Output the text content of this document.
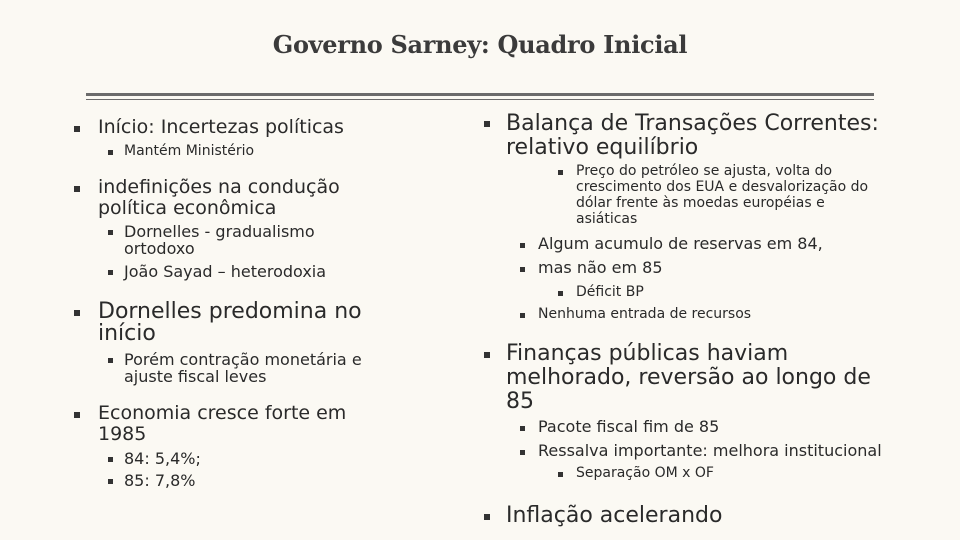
Governo Sarney: Quadro Inicial
Início: Incertezas políticas
Mantém Ministério
indefinições na condução
política econômica
Dornelles - gradualismo
ortodoxo
João Sayad – heterodoxia
Dornelles predomina no
início
Porém contração monetária e
ajuste fiscal leves
Economia cresce forte em
1985
84: 5,4%;
85: 7,8%
Balança de Transações Correntes:
relativo equilíbrio
Preço do petróleo se ajusta, volta do
crescimento dos EUA e desvalorização do
dólar frente às moedas européias e
asiáticas
Algum acumulo de reservas em 84,
mas não em 85
Déficit BP
Nenhuma entrada de recursos
Finanças públicas haviam
melhorado, reversão ao longo de
85
Pacote fiscal fim de 85
Ressalva importante: melhora institucional
Separação OM x OF
Inflação acelerando
